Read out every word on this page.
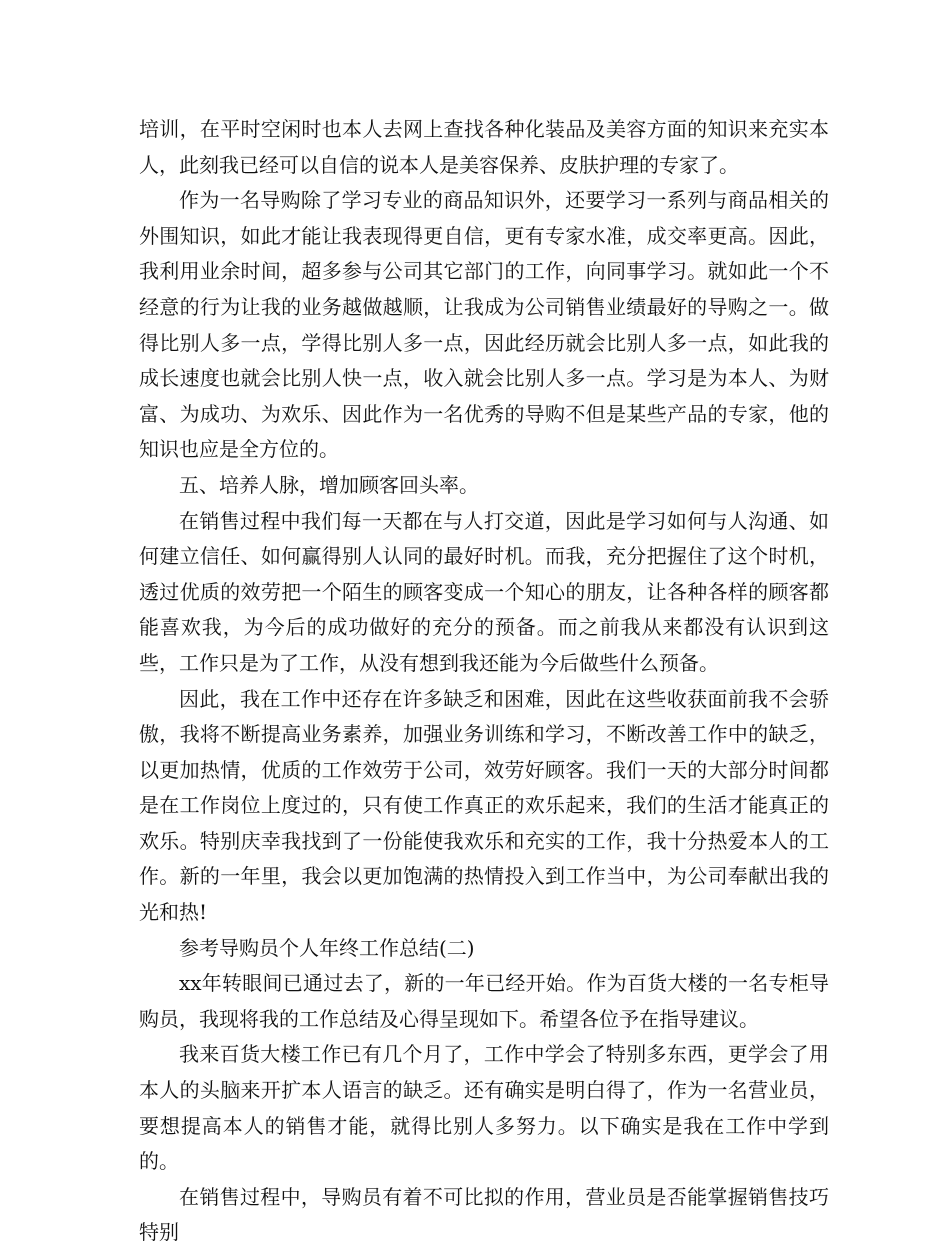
培训，在平时空闲时也本人去网上查找各种化装品及美容方面的知识来充实本人，此刻我已经可以自信的说本人是美容保养、皮肤护理的专家了。

作为一名导购除了学习专业的商品知识外，还要学习一系列与商品相关的外围知识，如此才能让我表现得更自信，更有专家水准，成交率更高。因此，我利用业余时间，超多参与公司其它部门的工作，向同事学习。就如此一个不经意的行为让我的业务越做越顺，让我成为公司销售业绩最好的导购之一。做得比别人多一点，学得比别人多一点，因此经历就会比别人多一点，如此我的成长速度也就会比别人快一点，收入就会比别人多一点。学习是为本人、为财富、为成功、为欢乐、因此作为一名优秀的导购不但是某些产品的专家，他的知识也应是全方位的。

五、培养人脉，增加顾客回头率。

在销售过程中我们每一天都在与人打交道，因此是学习如何与人沟通、如何建立信任、如何赢得别人认同的最好时机。而我，充分把握住了这个时机，透过优质的效劳把一个陌生的顾客变成一个知心的朋友，让各种各样的顾客都能喜欢我，为今后的成功做好的充分的预备。而之前我从来都没有认识到这些，工作只是为了工作，从没有想到我还能为今后做些什么预备。

因此，我在工作中还存在许多缺乏和困难，因此在这些收获面前我不会骄傲，我将不断提高业务素养，加强业务训练和学习，不断改善工作中的缺乏，以更加热情，优质的工作效劳于公司，效劳好顾客。我们一天的大部分时间都是在工作岗位上度过的，只有使工作真正的欢乐起来，我们的生活才能真正的欢乐。特别庆幸我找到了一份能使我欢乐和充实的工作，我十分热爱本人的工作。新的一年里，我会以更加饱满的热情投入到工作当中，为公司奉献出我的光和热!

参考导购员个人年终工作总结(二)

xx年转眼间已通过去了，新的一年已经开始。作为百货大楼的一名专柜导购员，我现将我的工作总结及心得呈现如下。希望各位予在指导建议。

我来百货大楼工作已有几个月了，工作中学会了特别多东西，更学会了用本人的头脑来开扩本人语言的缺乏。还有确实是明白得了，作为一名营业员，要想提高本人的销售才能，就得比别人多努力。以下确实是我在工作中学到的。

在销售过程中，导购员有着不可比拟的作用，营业员是否能掌握销售技巧特别
